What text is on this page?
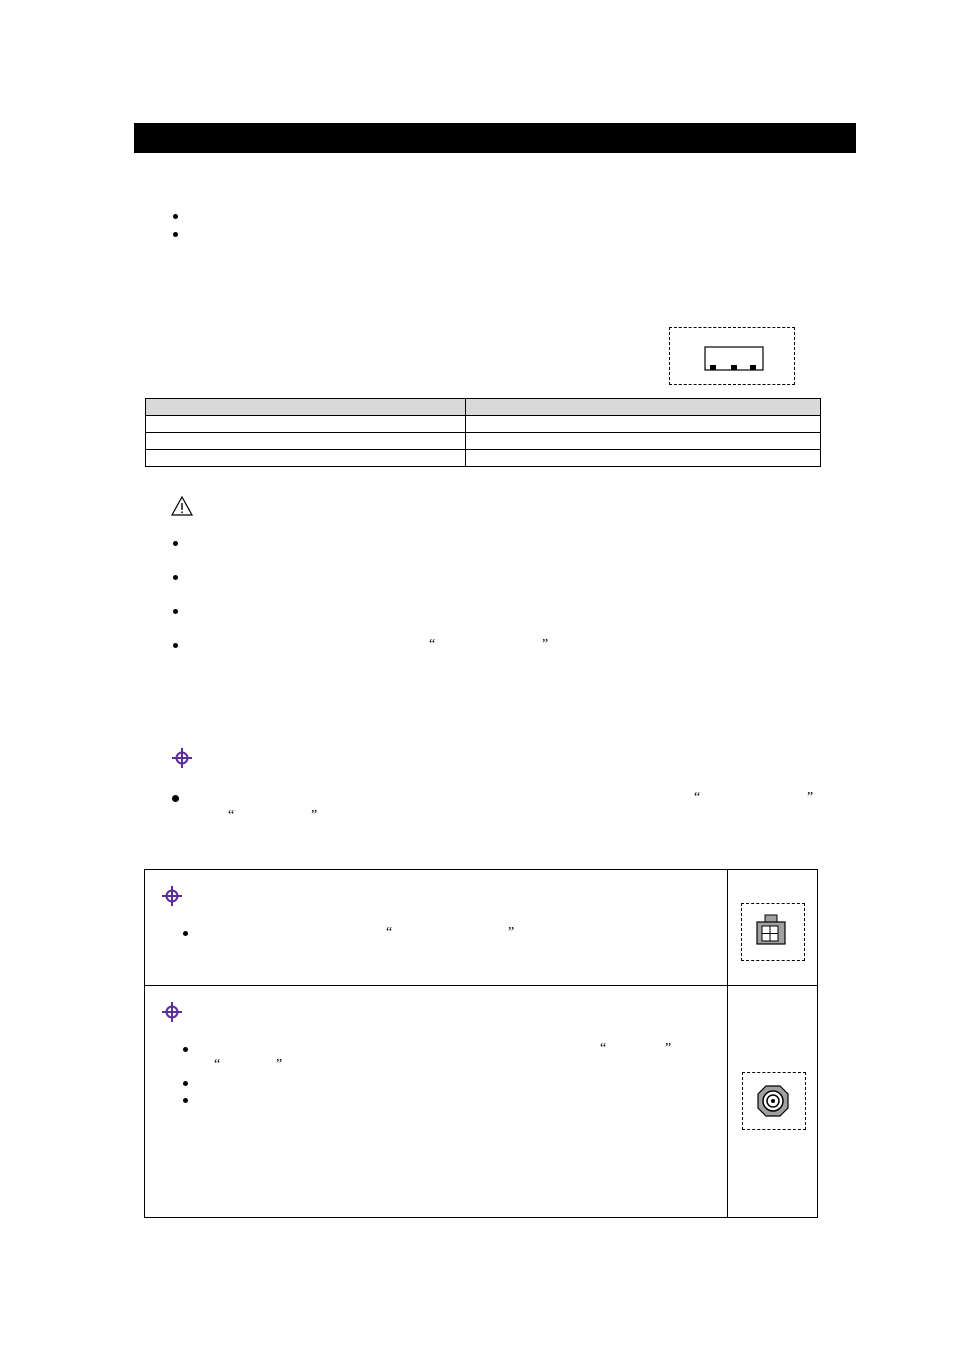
“	”
“	”
“	”
“	”
“	”
“	”
